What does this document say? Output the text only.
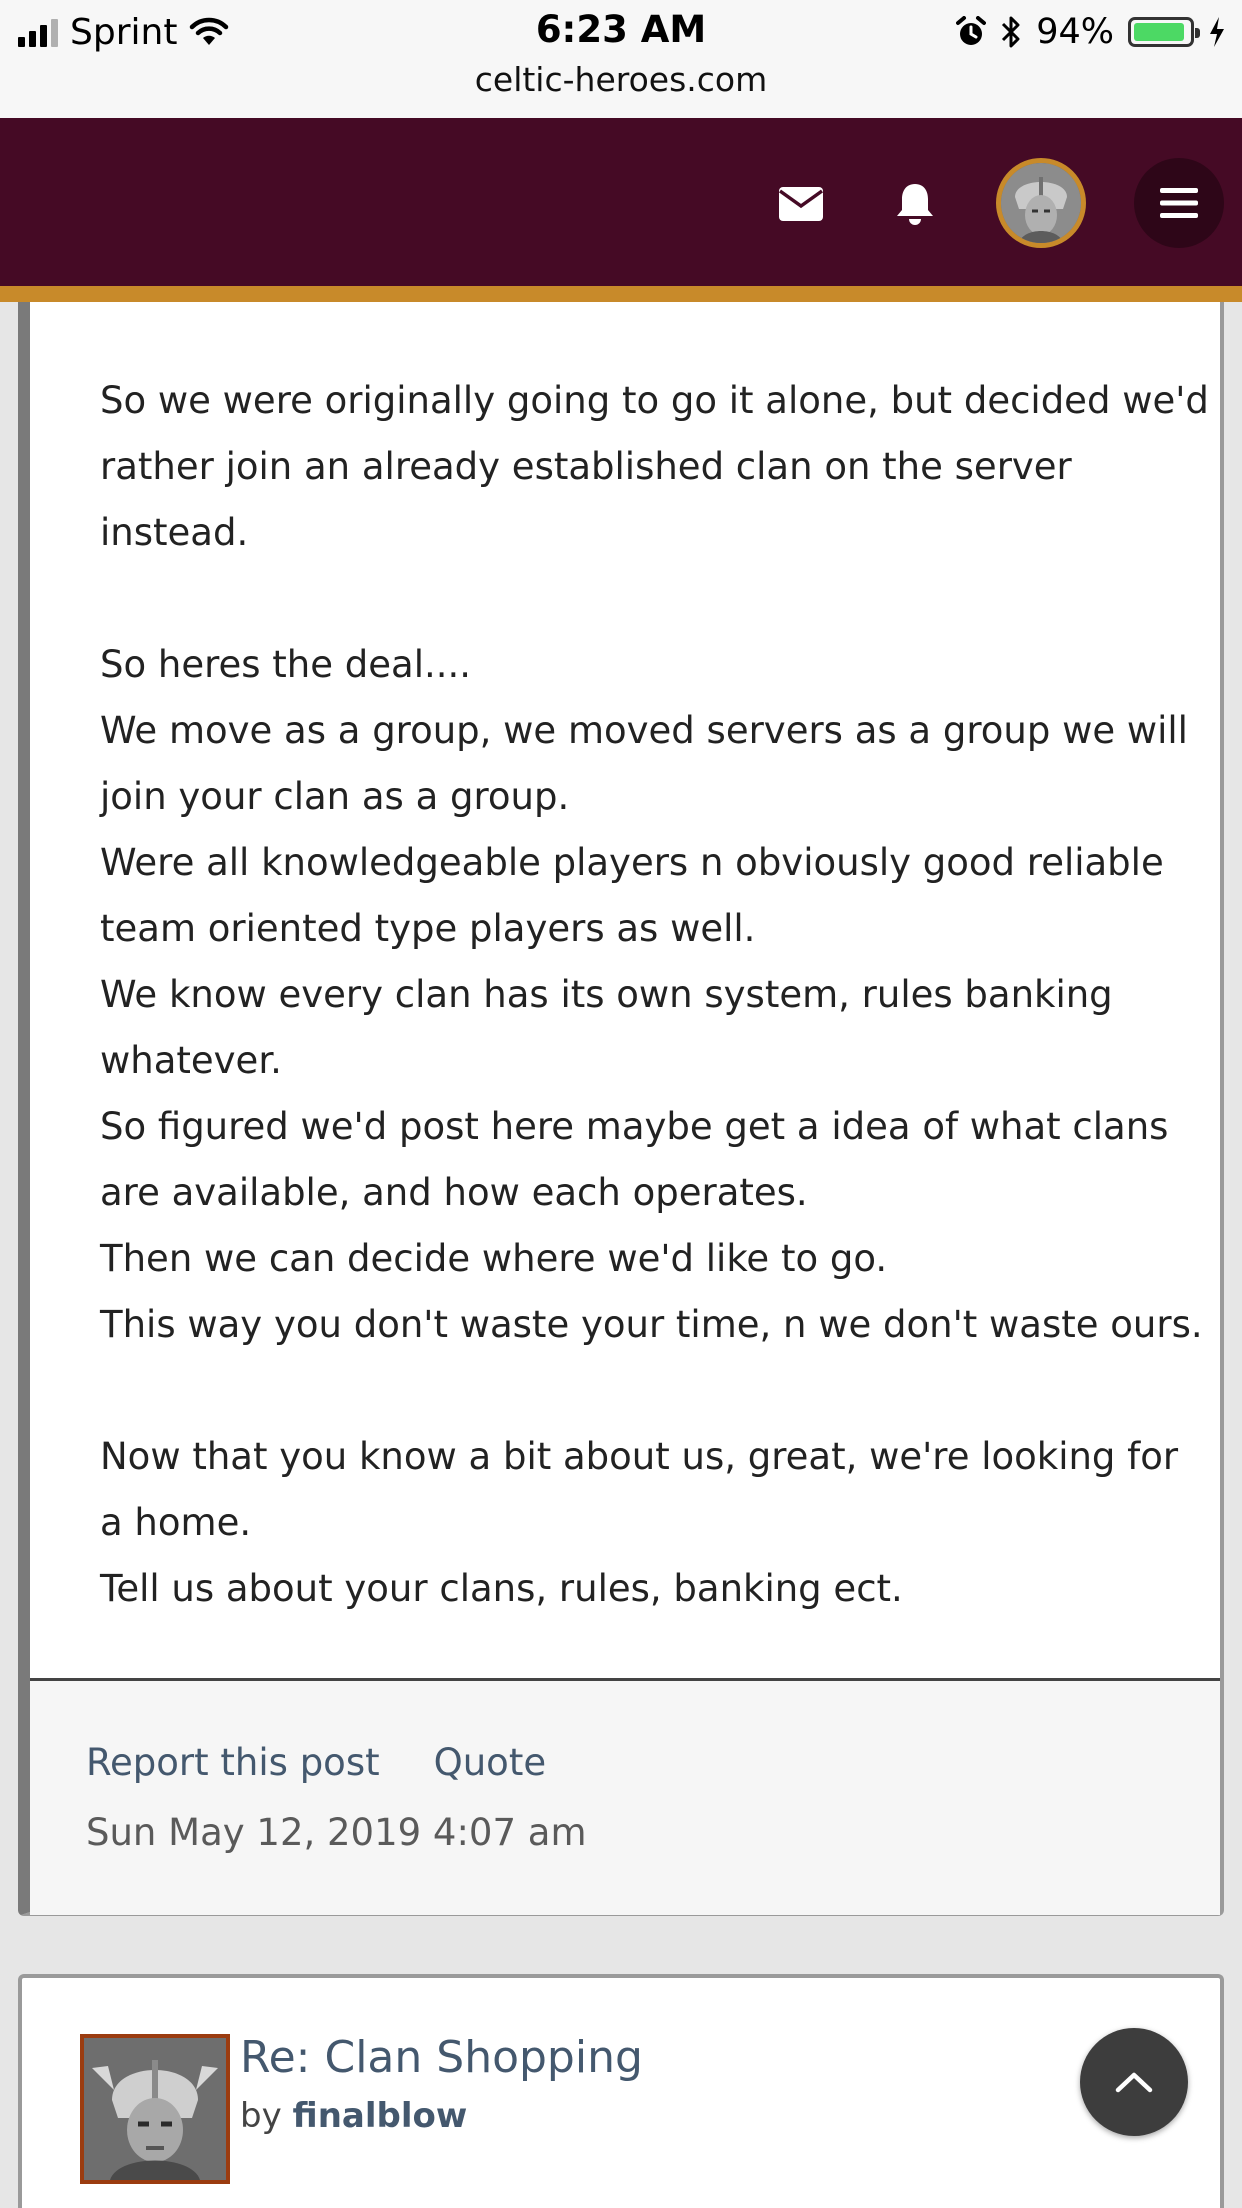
Sprint	6:23 AM
celtic-heroes.com
94%

So we were originally going to go it alone, but decided we'd

rather join an already established clan on the server

instead.

So heres the deal....

We move as a group, we moved servers as a group we will

join your clan as a group.

Were all knowledgeable players n obviously good reliable

team oriented type players as well.

We know every clan has its own system, rules banking

whatever.

So figured we'd post here maybe get a idea of what clans

are available, and how each operates.

Then we can decide where we'd like to go.

This way you don't waste your time, n we don't waste ours.

Now that you know a bit about us, great, we're looking for

a home.

Tell us about your clans, rules, banking ect.

Report this post Quote
Sun May 12, 2019 4:07 am
Re: Clan Shopping
by finalblow
